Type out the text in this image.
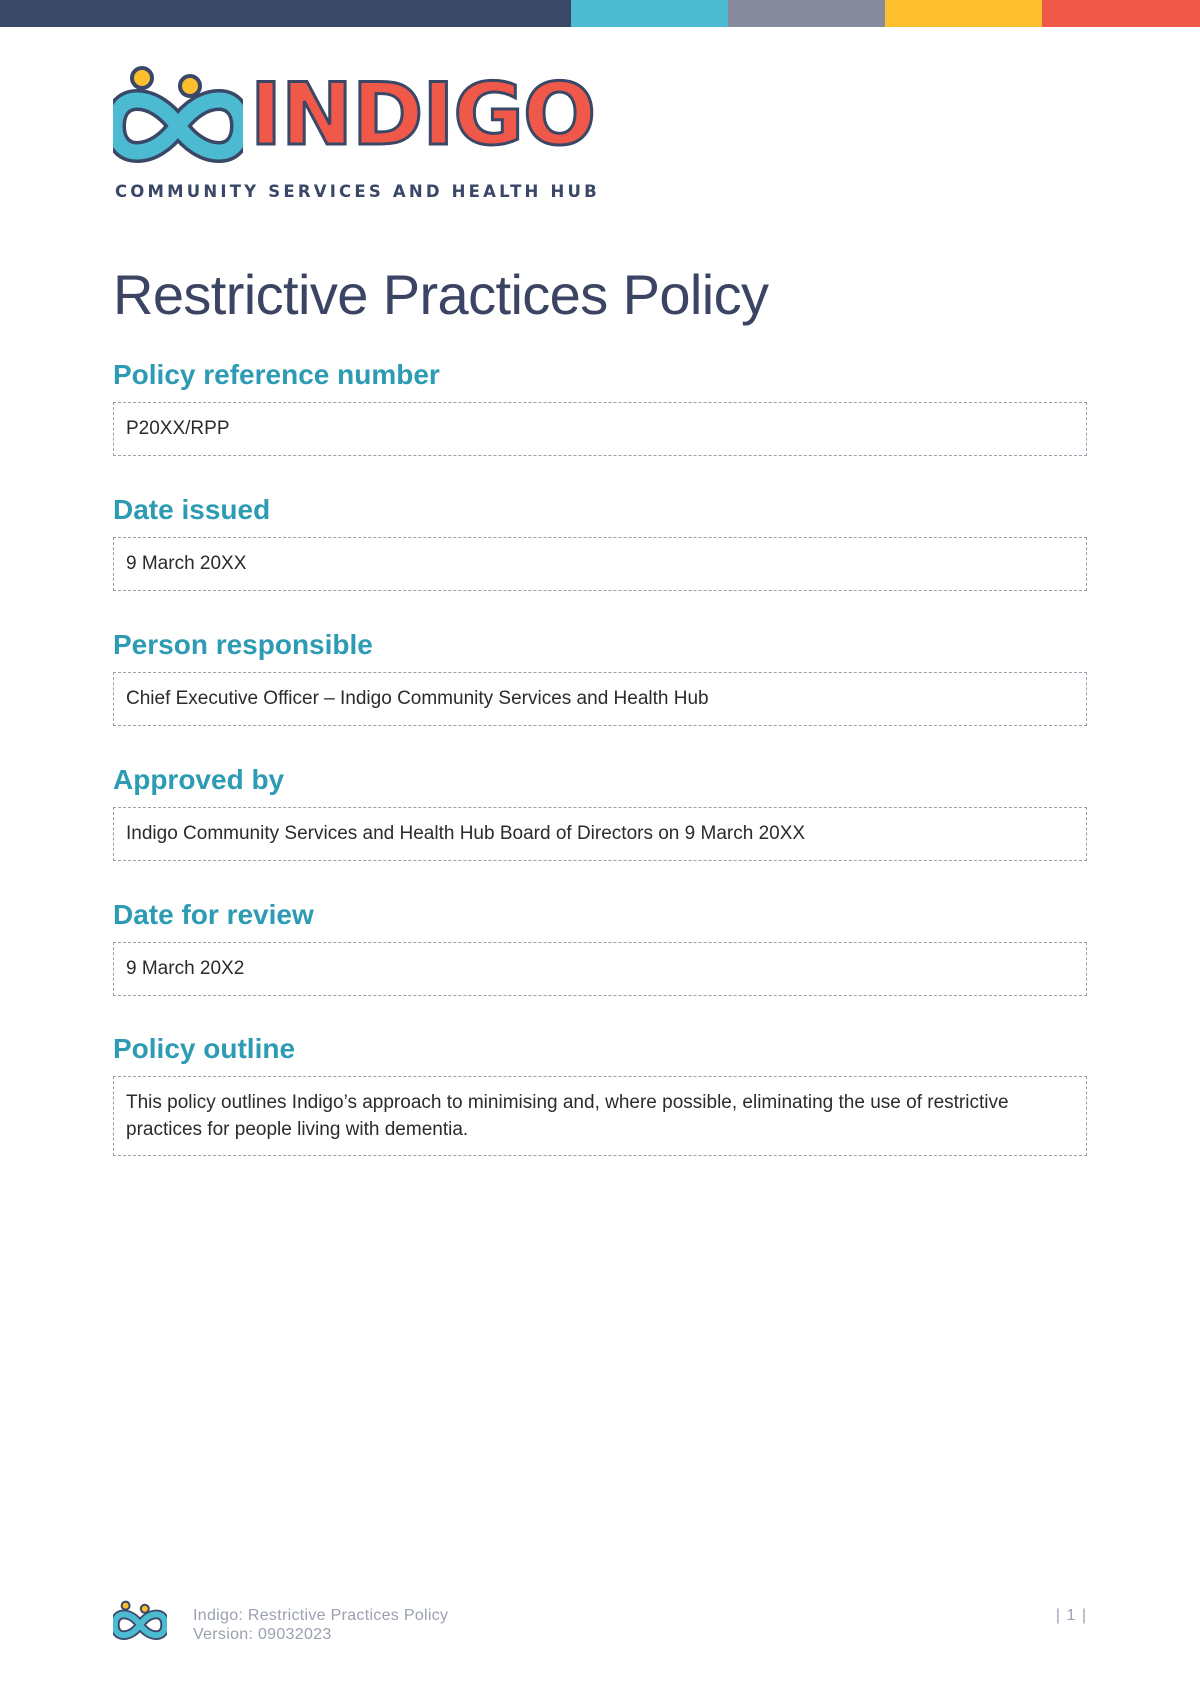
INDIGO
COMMUNITY SERVICES AND HEALTH HUB
Restrictive Practices Policy
Policy reference number
P20XX/RPP
Date issued
9 March 20XX
Person responsible
Chief Executive Officer – Indigo Community Services and Health Hub
Approved by
Indigo Community Services and Health Hub Board of Directors on 9 March 20XX
Date for review
9 March 20X2
Policy outline
This policy outlines Indigo’s approach to minimising and, where possible, eliminating the use of restrictive practices for people living with dementia.
Indigo: Restrictive Practices Policy
Version: 09032023
| 1 |
